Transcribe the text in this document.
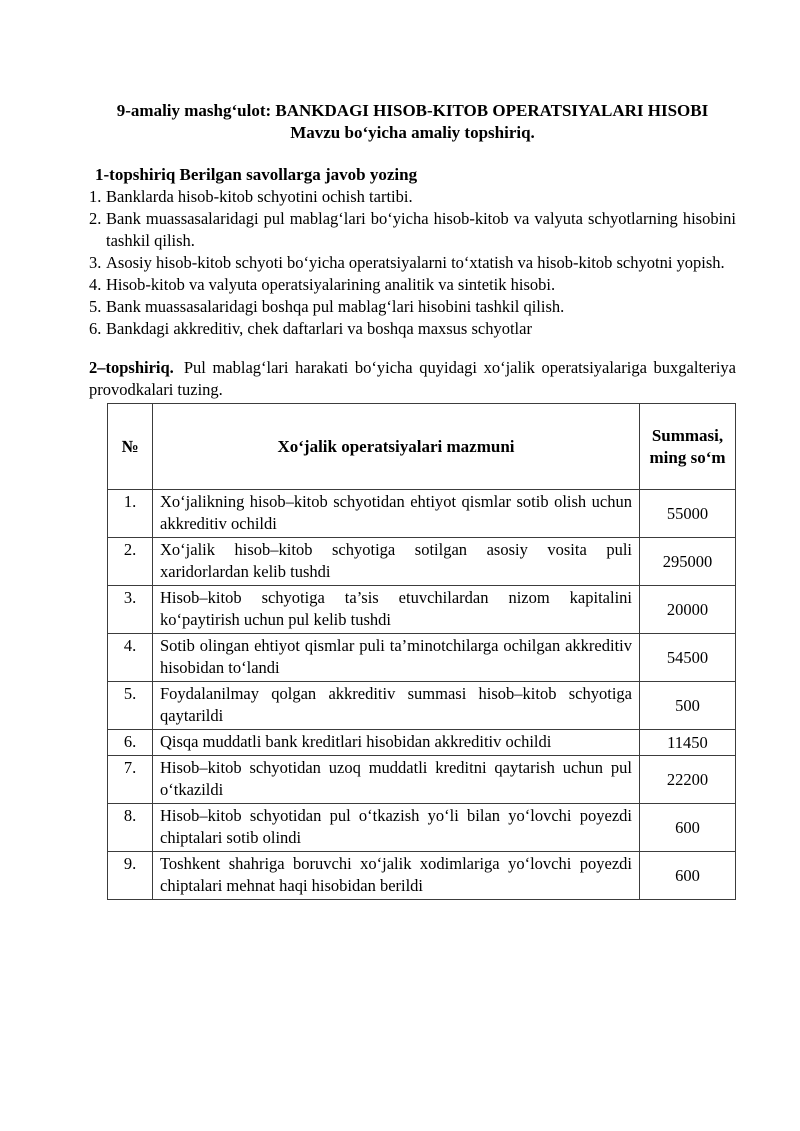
9-amaliy mashg‘ulot: BANKDAGI HISOB-KITOB OPERATSIYALARI HISOBI
Mavzu bo‘yicha amaliy topshiriq.
1-topshiriq Berilgan savollarga javob yozing
1. Banklarda hisob-kitob schyotini ochish tartibi.
2. Bank muassasalaridagi pul mablag‘lari bo‘yicha hisob-kitob va valyuta schyotlarning hisobini tashkil qilish.
3. Asosiy hisob-kitob schyoti bo‘yicha operatsiyalarni to‘xtatish va hisob-kitob schyotni yopish.
4. Hisob-kitob va valyuta operatsiyalarining analitik va sintetik hisobi.
5. Bank muassasalaridagi boshqa pul mablag‘lari hisobini tashkil qilish.
6. Bankdagi akkreditiv, chek daftarlari va boshqa maxsus schyotlar

2–topshiriq. Pul mablag‘lari harakati bo‘yicha quyidagi xo‘jalik operatsiyalariga buxgalteriya provodkalari tuzing.

№	Xo‘jalik operatsiyalari mazmuni	Summasi, ming so‘m
1.	Xo‘jalikning hisob–kitob schyotidan ehtiyot qismlar sotib olish uchun akkreditiv ochildi	55000
2.	Xo‘jalik hisob–kitob schyotiga sotilgan asosiy vosita puli xaridorlardan kelib tushdi	295000
3.	Hisob–kitob schyotiga ta’sis etuvchilardan nizom kapitalini ko‘paytirish uchun pul kelib tushdi	20000
4.	Sotib olingan ehtiyot qismlar puli ta’minotchilarga ochilgan akkreditiv hisobidan to‘landi	54500
5.	Foydalanilmay qolgan akkreditiv summasi hisob–kitob schyotiga qaytarildi	500
6.	Qisqa muddatli bank kreditlari hisobidan akkreditiv ochildi	11450
7.	Hisob–kitob schyotidan uzoq muddatli kreditni qaytarish uchun pul o‘tkazildi	22200
8.	Hisob–kitob schyotidan pul o‘tkazish yo‘li bilan yo‘lovchi poyezdi chiptalari sotib olindi	600
9.	Toshkent shahriga boruvchi xo‘jalik xodimlariga yo‘lovchi poyezdi chiptalari mehnat haqi hisobidan berildi	600
